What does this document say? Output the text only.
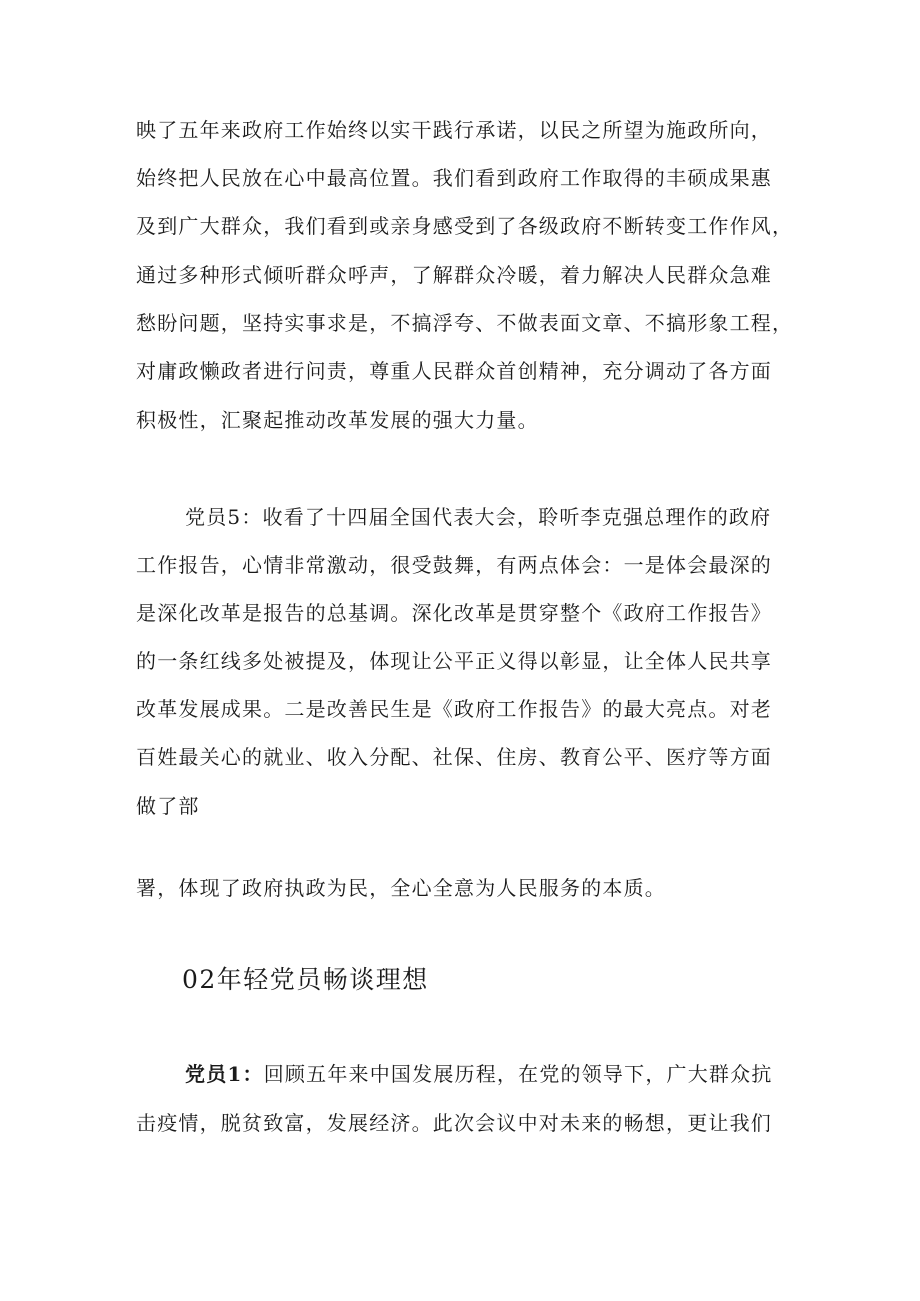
映了五年来政府工作始终以实干践行承诺，以民之所望为施政所向，
始终把人民放在心中最高位置。我们看到政府工作取得的丰硕成果惠
及到广大群众，我们看到或亲身感受到了各级政府不断转变工作作风，
通过多种形式倾听群众呼声，了解群众冷暖，着力解决人民群众急难
愁盼问题，坚持实事求是，不搞浮夸、不做表面文章、不搞形象工程，
对庸政懒政者进行问责，尊重人民群众首创精神，充分调动了各方面
积极性，汇聚起推动改革发展的强大力量。
党员5：收看了十四届全国代表大会，聆听李克强总理作的政府
工作报告，心情非常激动，很受鼓舞，有两点体会：一是体会最深的
是深化改革是报告的总基调。深化改革是贯穿整个《政府工作报告》
的一条红线多处被提及，体现让公平正义得以彰显，让全体人民共享
改革发展成果。二是改善民生是《政府工作报告》的最大亮点。对老
百姓最关心的就业、收入分配、社保、住房、教育公平、医疗等方面
做了部
署，体现了政府执政为民，全心全意为人民服务的本质。
02年轻党员畅谈理想
党员1：回顾五年来中国发展历程，在党的领导下，广大群众抗
击疫情，脱贫致富，发展经济。此次会议中对未来的畅想，更让我们
